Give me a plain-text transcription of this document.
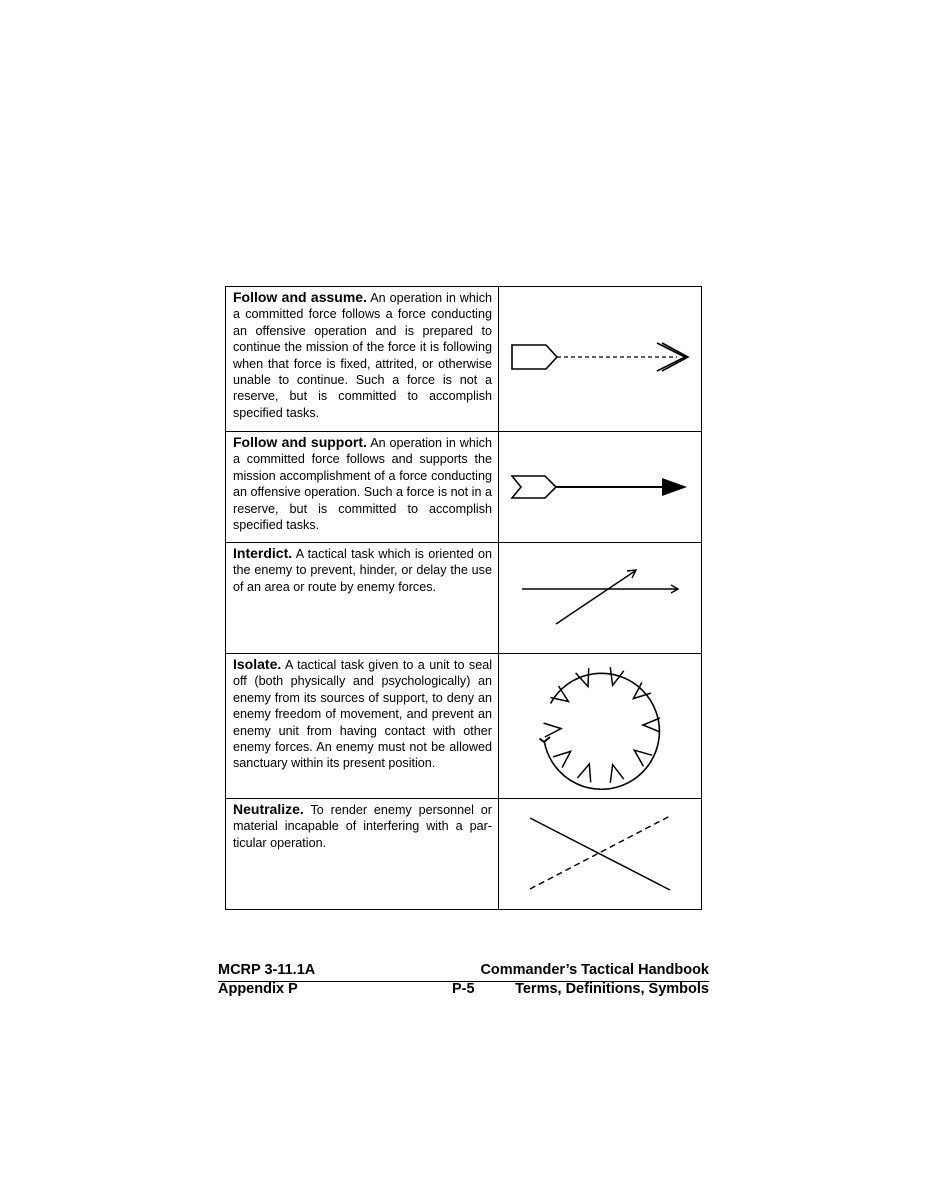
Follow and assume. An operation in which a committed force follows a force conducting an offensive operation and is prepared to continue the mission of the force it is following when that force is fixed, attrited, or otherwise unable to continue. Such a force is not a reserve, but is committed to accomplish specified tasks.

Follow and support. An operation in which a committed force follows and supports the mission accomplishment of a force conducting an offensive operation. Such a force is not in a reserve, but is committed to accomplish specified tasks.

Interdict. A tactical task which is oriented on the enemy to prevent, hinder, or delay the use of an area or route by enemy forces.

Isolate. A tactical task given to a unit to seal off (both physically and psychologically) an enemy from its sources of support, to deny an enemy freedom of movement, and prevent an enemy unit from having contact with other enemy forces. An enemy must not be allowed sanctuary within its present position.

Neutralize. To render enemy personnel or material incapable of interfering with a particular operation.

MCRP 3-11.1A	Commander’s Tactical Handbook
Appendix P	P-5	Terms, Definitions, Symbols
